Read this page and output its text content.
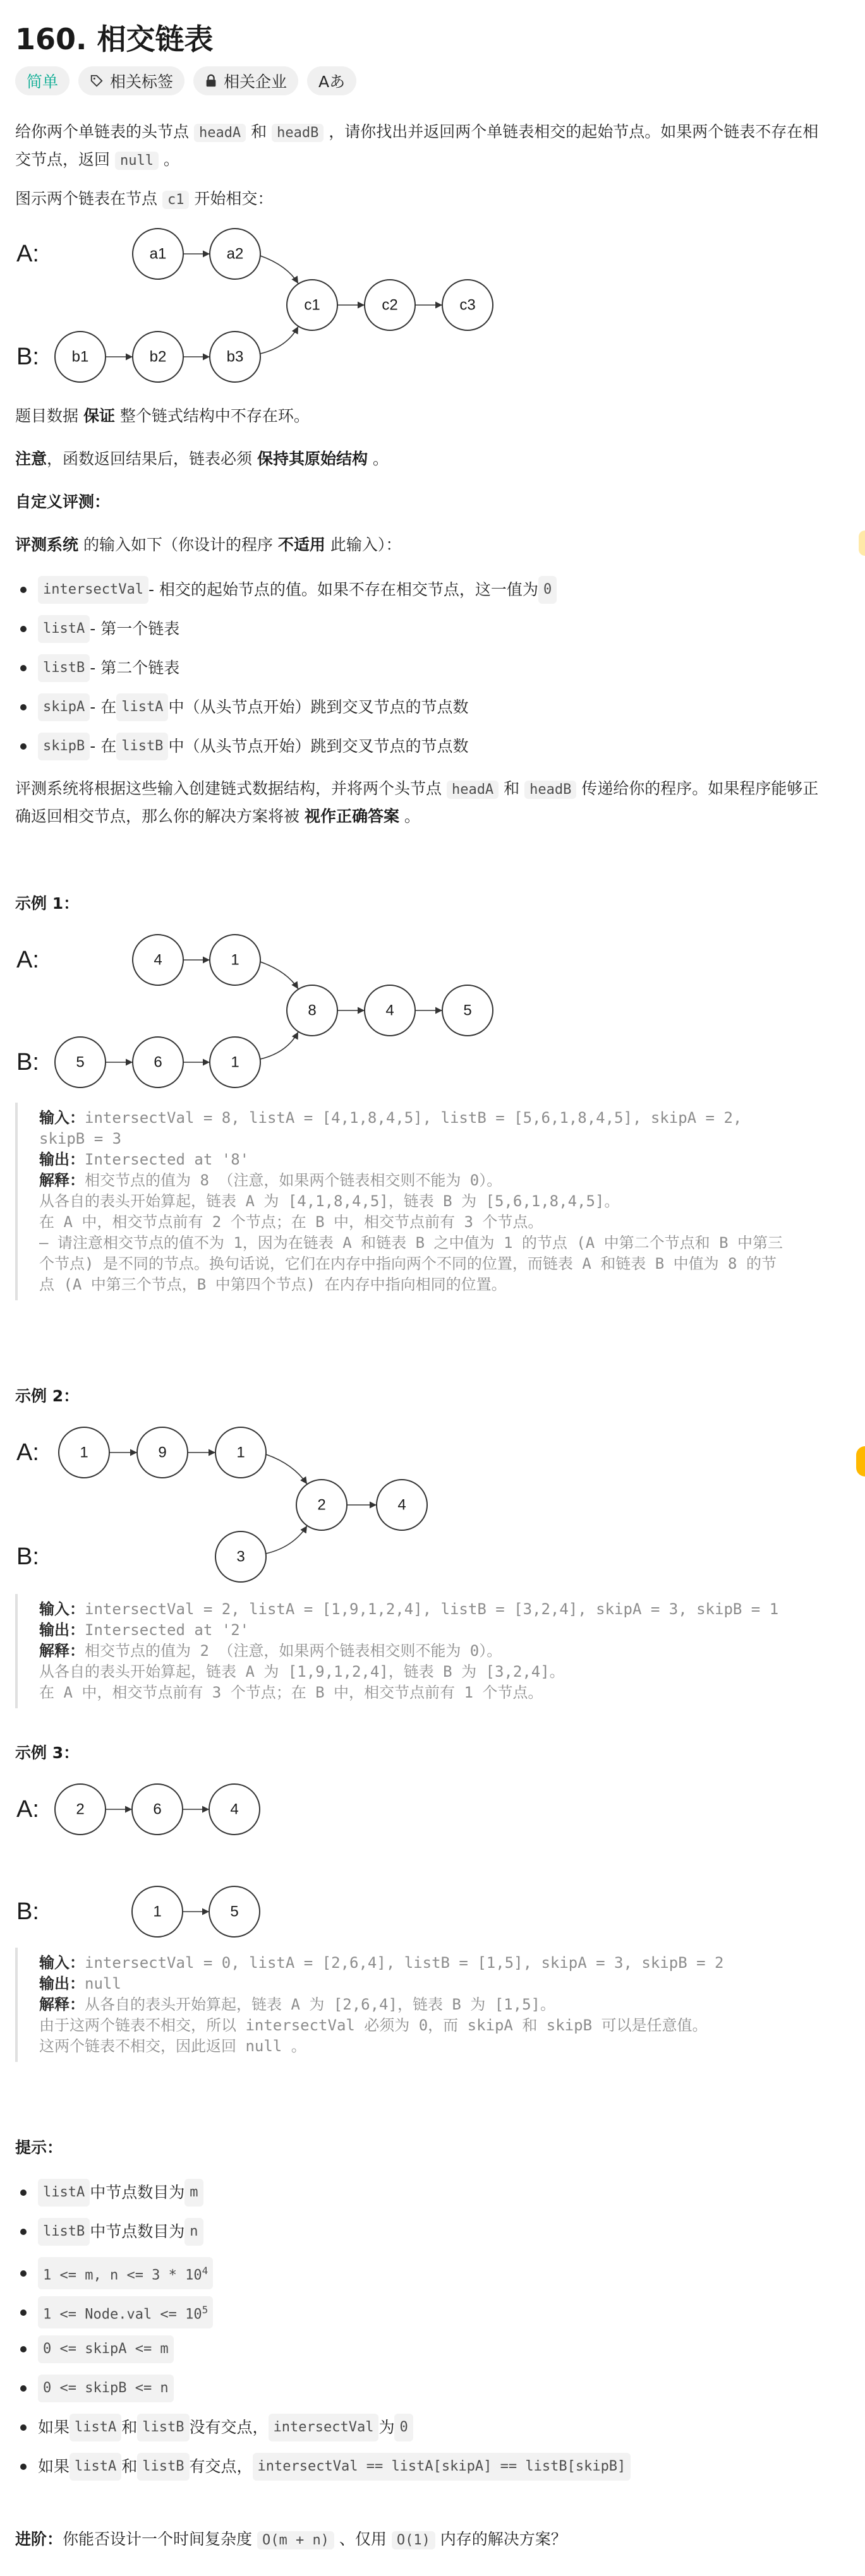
160. 相交链表
简单	相关标签	相关企业 Aあ

给你两个单链表的头节点 headA 和 headB ，请你找出并返回两个单链表相交的起始节点。如果两个链表不存在相
交节点，返回 null 。

图示两个链表在节点 c1 开始相交：

A:
B:
a1	a2
b1	b2	b3
c1	c2	c3

题目数据 保证 整个链式结构中不存在环。

注意，函数返回结果后，链表必须 保持其原始结构 。

自定义评测：

评测系统 的输入如下（你设计的程序 不适用 此输入）：

intersectVal - 相交的起始节点的值。如果不存在相交节点，这一值为 0
listA - 第一个链表
listB - 第二个链表
skipA - 在 listA 中（从头节点开始）跳到交叉节点的节点数
skipB - 在 listB 中（从头节点开始）跳到交叉节点的节点数

评测系统将根据这些输入创建链式数据结构，并将两个头节点 headA 和 headB 传递给你的程序。如果程序能够正
确返回相交节点，那么你的解决方案将被 视作正确答案 。

示例 1：

A:
B:
4	1
5	6	1
8	4	5
输入：intersectVal = 8, listA = [4,1,8,4,5], listB = [5,6,1,8,4,5], skipA = 2,
skipB = 3
输出：Intersected at '8'
解释：相交节点的值为 8 （注意，如果两个链表相交则不能为 0）。
从各自的表头开始算起，链表 A 为 [4,1,8,4,5]，链表 B 为 [5,6,1,8,4,5]。
在 A 中，相交节点前有 2 个节点；在 B 中，相交节点前有 3 个节点。
— 请注意相交节点的值不为 1，因为在链表 A 和链表 B 之中值为 1 的节点 (A 中第二个节点和 B 中第三
个节点) 是不同的节点。换句话说，它们在内存中指向两个不同的位置，而链表 A 和链表 B 中值为 8 的节
点 (A 中第三个节点，B 中第四个节点) 在内存中指向相同的位置。

示例 2：

A:
B:
1	9	1
3
2	4
输入：intersectVal = 2, listA = [1,9,1,2,4], listB = [3,2,4], skipA = 3, skipB = 1
输出：Intersected at '2'
解释：相交节点的值为 2 （注意，如果两个链表相交则不能为 0）。
从各自的表头开始算起，链表 A 为 [1,9,1,2,4]，链表 B 为 [3,2,4]。
在 A 中，相交节点前有 3 个节点；在 B 中，相交节点前有 1 个节点。

示例 3：

A:
B:
2	6	4
1	5
输入：intersectVal = 0, listA = [2,6,4], listB = [1,5], skipA = 3, skipB = 2
输出：null
解释：从各自的表头开始算起，链表 A 为 [2,6,4]，链表 B 为 [1,5]。
由于这两个链表不相交，所以 intersectVal 必须为 0，而 skipA 和 skipB 可以是任意值。
这两个链表不相交，因此返回 null 。

提示：

listA 中节点数目为 m
listB 中节点数目为 n
1 <= m, $n <= 3 * 10^4$
1 <= Node.val <= $10^5$
0 <= skipA <= m
0 <= skipB <= n
如果 listA 和 listB 没有交点， intersectVal 为 0
如果 listA 和 listB 有交点， intersectVal == listA[skipA] == listB[skipB]

进阶：你能否设计一个时间复杂度 O(m + n) 、仅用 O(1) 内存的解决方案？
